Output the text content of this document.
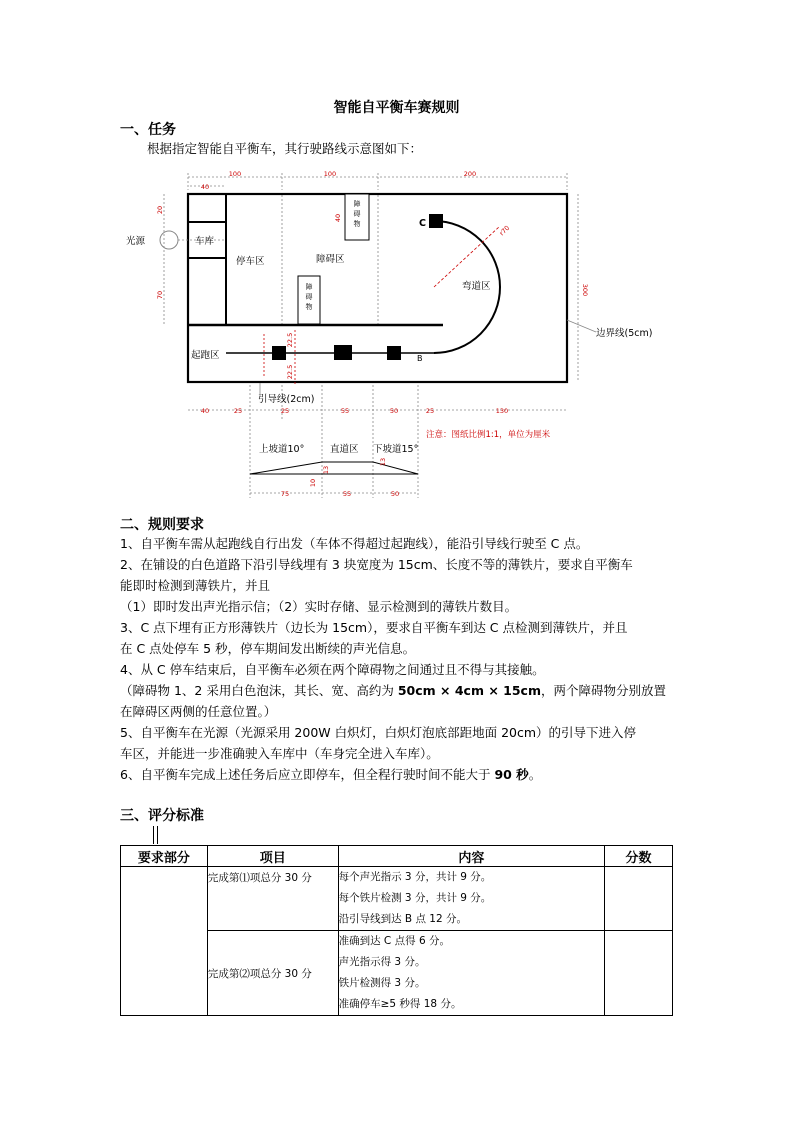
智能自平衡车赛规则
一、任务
根据指定智能自平衡车，其行驶路线示意图如下：
光源	车库
停车区	障碍区
弯道区
起跑区
C
B
边界线(5cm)
引导线(2cm)
上坡道10°	直道区 下坡道15°
注意：图纸比例1:1，单位为厘米
障碍物
障碍物
100	100	200
40
40	25	25	55	50	25	130
75	55	50
20
70	300
40
r70
22.5
22.5
10
13
13
二、规则要求
1、自平衡车需从起跑线自行出发（车体不得超过起跑线），能沿引导线行驶至 C 点。
2、在铺设的白色道路下沿引导线埋有 3 块宽度为 15cm、长度不等的薄铁片，要求自平衡车
能即时检测到薄铁片，并且
（1）即时发出声光指示信；（2）实时存储、显示检测到的薄铁片数目。
3、C 点下埋有正方形薄铁片（边长为 15cm），要求自平衡车到达 C 点检测到薄铁片，并且
在 C 点处停车 5 秒，停车期间发出断续的声光信息。
4、从 C 停车结束后，自平衡车必须在两个障碍物之间通过且不得与其接触。
（障碍物 1、2 采用白色泡沫，其长、宽、高约为 50cm × 4cm × 15cm，两个障碍物分别放置
在障碍区两侧的任意位置。）
5、自平衡车在光源（光源采用 200W 白炽灯，白炽灯泡底部距地面 20cm）的引导下进入停
车区，并能进一步准确驶入车库中（车身完全进入车库）。
6、自平衡车完成上述任务后应立即停车，但全程行驶时间不能大于 90 秒。
三、评分标准
要求部分	项目	内容	分数
	完成第⑴项总分 30 分	每个声光指示 3 分，共计 9 分。
每个铁片检测 3 分，共计 9 分。
沿引导线到达 B 点 12 分。	

	完成第⑵项总分 30 分	准确到达 C 点得 6 分。
声光指示得 3 分。
铁片检测得 3 分。
准确停车≥5 秒得 18 分。	
